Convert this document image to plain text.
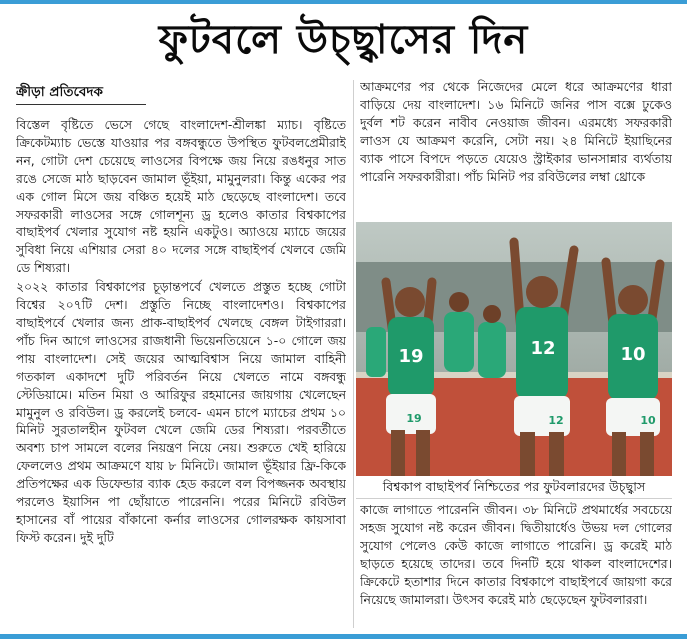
ফুটবলে উচ্ছ্বাসের দিন
ক্রীড়া প্রতিবেদক

বিস্তেল বৃষ্টিতে ভেসে গেছে বাংলাদেশ-শ্রীলঙ্কা ম্যাচ। বৃষ্টিতে ক্রিকেটম্যাচ ভেস্তে যাওয়ার পর বঙ্গবন্ধুতে উপস্থিত ফুটবলপ্রেমীরাই নন, গোটা দেশ চেয়েছে লাওসের বিপক্ষে জয় নিয়ে রঙধনুর সাত রঙে সেজে মাঠ ছাড়বেন জামাল ভূঁইয়া, মামুনুলরা। কিন্তু একের পর এক গোল মিসে জয় বঞ্চিত হয়েই মাঠ ছেড়েছে বাংলাদেশ। তবে সফরকারী লাওসের সঙ্গে গোলশূন্য ড্র হলেও কাতার বিশ্বকাপের বাছাইপর্ব খেলার সুযোগ নষ্ট হয়নি একটুও। অ্যাওয়ে ম্যাচে জয়ের সুবিধা নিয়ে এশিয়ার সেরা ৪০ দলের সঙ্গে বাছাইপর্ব খেলবে জেমি ডে শিষ্যরা।

২০২২ কাতার বিশ্বকাপের চূড়ান্তপর্বে খেলতে প্রস্তুত হচ্ছে গোটা বিশ্বের ২০৭টি দেশ। প্রস্তুতি নিচ্ছে বাংলাদেশও। বিশ্বকাপের বাছাইপর্বে খেলার জন্য প্রাক-বাছাইপর্ব খেলছে বেঙ্গল টাইগাররা। পাঁচ দিন আগে লাওসের রাজধানী ভিয়েনতিয়েনে ১-০ গোলে জয় পায় বাংলাদেশ। সেই জয়ের আত্মবিশ্বাস নিয়ে জামাল বাহিনী গতকাল একাদশে দুটি পরিবর্তন নিয়ে খেলতে নামে বঙ্গবন্ধু স্টেডিয়ামে। মতিন মিয়া ও আরিফুর রহমানের জায়গায় খেলেছেন মামুনুল ও রবিউল। ড্র করলেই চলবে- এমন চাপে ম্যাচের প্রথম ১০ মিনিট সুরতালহীন ফুটবল খেলে জেমি ডের শিষ্যরা। পরবর্তীতে অবশ্য চাপ সামলে বলের নিয়ন্ত্রণ নিয়ে নেয়। শুরুতে খেই হারিয়ে ফেললেও প্রথম আক্রমণে যায় ৮ মিনিটে। জামাল ভূঁইয়ার ফ্রি-কিকে প্রতিপক্ষের এক ডিফেন্ডার ব্যাক হেড করলে বল বিপজ্জনক অবস্থায় পরলেও ইয়াসিন পা ছোঁয়াতে পারেননি। পরের মিনিটে রবিউল হাসানের বাঁ পায়ের বাঁকানো কর্নার লাওসের গোলরক্ষক কায়সাবা ফিস্ট করেন। দুই দুটি

আক্রমণের পর থেকে নিজেদের মেলে ধরে আক্রমণের ধারা বাড়িয়ে দেয় বাংলাদেশ। ১৬ মিনিটে জনির পাস বক্সে ঢুকেও দুর্বল শট করেন নাবীব নেওয়াজ জীবন। এরমধ্যে সফরকারী লাওস যে আক্রমণ করেনি, সেটা নয়। ২৪ মিনিটে ইয়াছিনের ব্যাক পাসে বিপদে পড়তে যেয়েও স্ট্রাইকার ভানসান্নার ব্যর্থতায় পারেনি সফরকারীরা। পাঁচ মিনিট পর রবিউলের লম্বা থ্রোকে

19
19
12
12
10
10
বিশ্বকাপ বাছাইপর্ব নিশ্চিতের পর ফুটবলারদের উচ্ছ্বাস

কাজে লাগাতে পারেননি জীবন। ৩৮ মিনিটে প্রথমার্ধের সবচেয়ে সহজ সুযোগ নষ্ট করেন জীবন। দ্বিতীয়ার্ধেও উভয় দল গোলের সুযোগ পেলেও কেউ কাজে লাগাতে পারেনি। ড্র করেই মাঠ ছাড়তে হয়েছে তাদের। তবে দিনটি হয়ে থাকল বাংলাদেশের। ক্রিকেটে হতাশার দিনে কাতার বিশ্বকাপে বাছাইপর্বে জায়গা করে নিয়েছে জামালরা। উৎসব করেই মাঠ ছেড়েছেন ফুটবলাররা।
